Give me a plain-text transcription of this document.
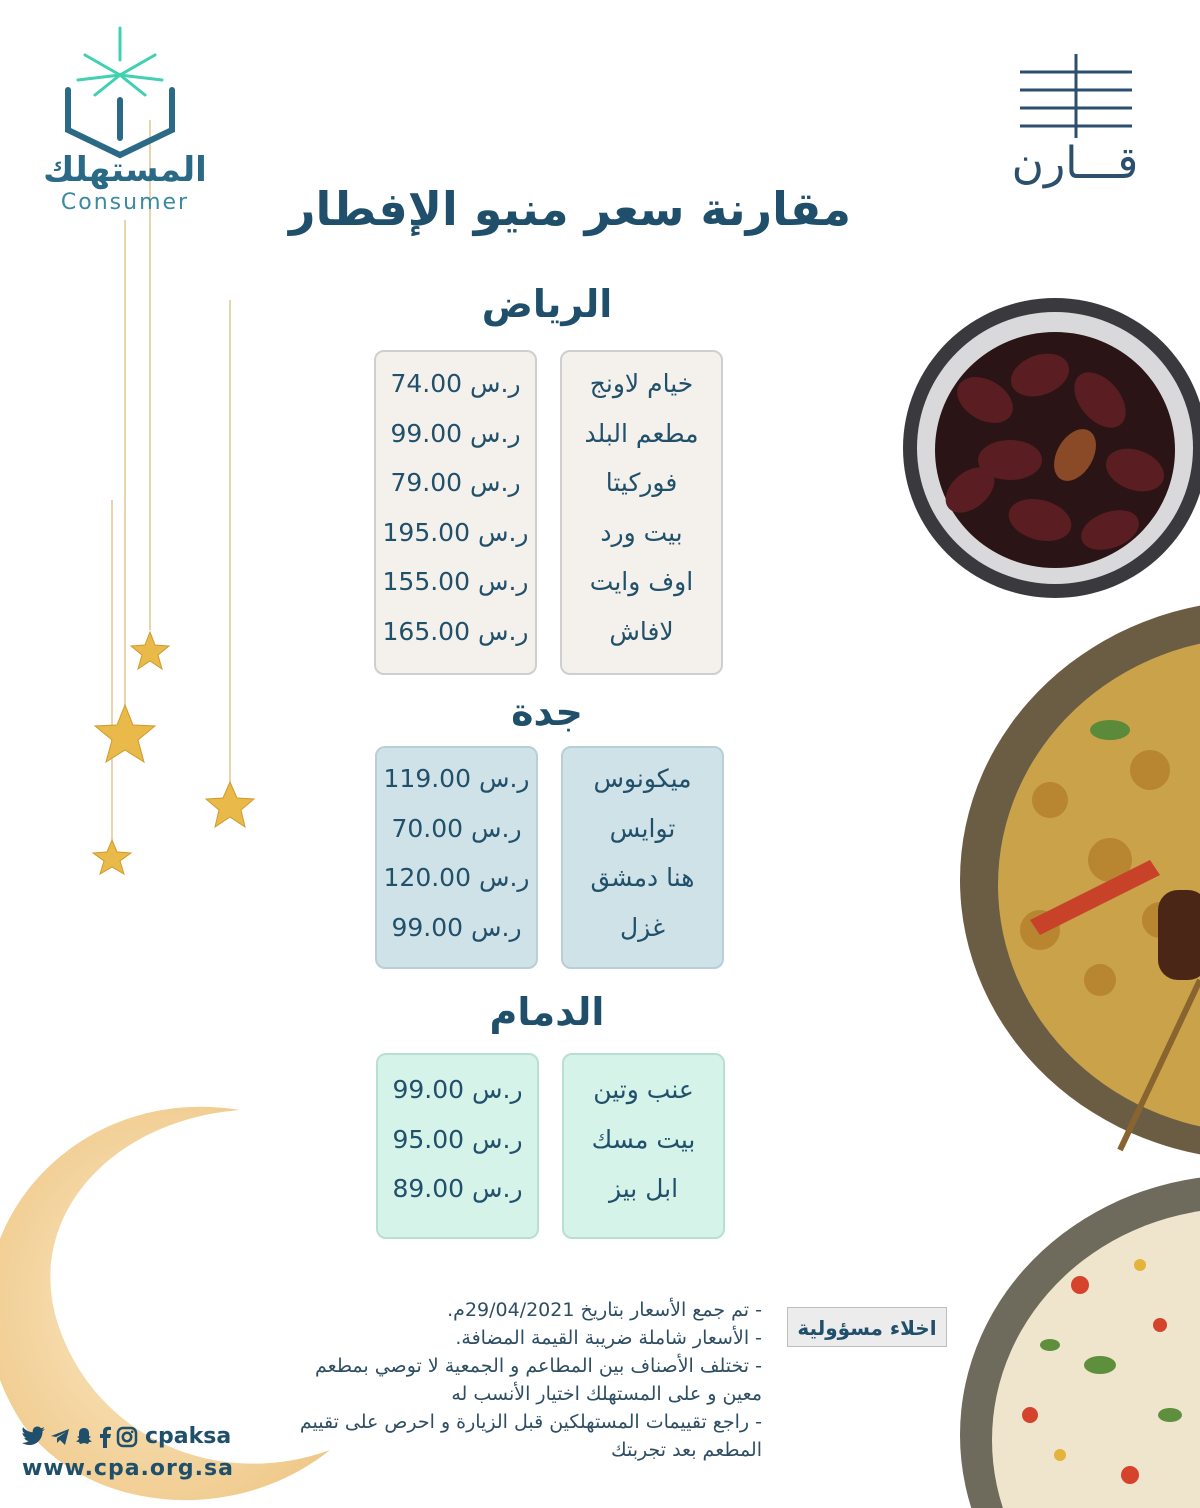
المستهلك
Consumer
قـــارن
مقارنة سعر منيو الإفطار
الرياض
خيام لاونج
مطعم البلد
فوركيتا
بيت ورد
اوف وايت
لافاش
74.00 ر.س
99.00 ر.س
79.00 ر.س
195.00 ر.س
155.00 ر.س
165.00 ر.س
جدة
ميكونوس
توايس
هنا دمشق
غزل
119.00 ر.س
70.00 ر.س
120.00 ر.س
99.00 ر.س
الدمام
عنب وتين
بيت مسك
ابل بيز
99.00 ر.س
95.00 ر.س
89.00 ر.س
اخلاء مسؤولية

- تم جمع الأسعار بتاريخ 29/04/2021م.

- الأسعار شاملة ضريبة القيمة المضافة.

- تختلف الأصناف بين المطاعم و الجمعية لا توصي بمطعم معين و على المستهلك اختيار الأنسب له

- راجع تقييمات المستهلكين قبل الزيارة و احرص على تقييم المطعم بعد تجربتك

cpaksa
www.cpa.org.sa
